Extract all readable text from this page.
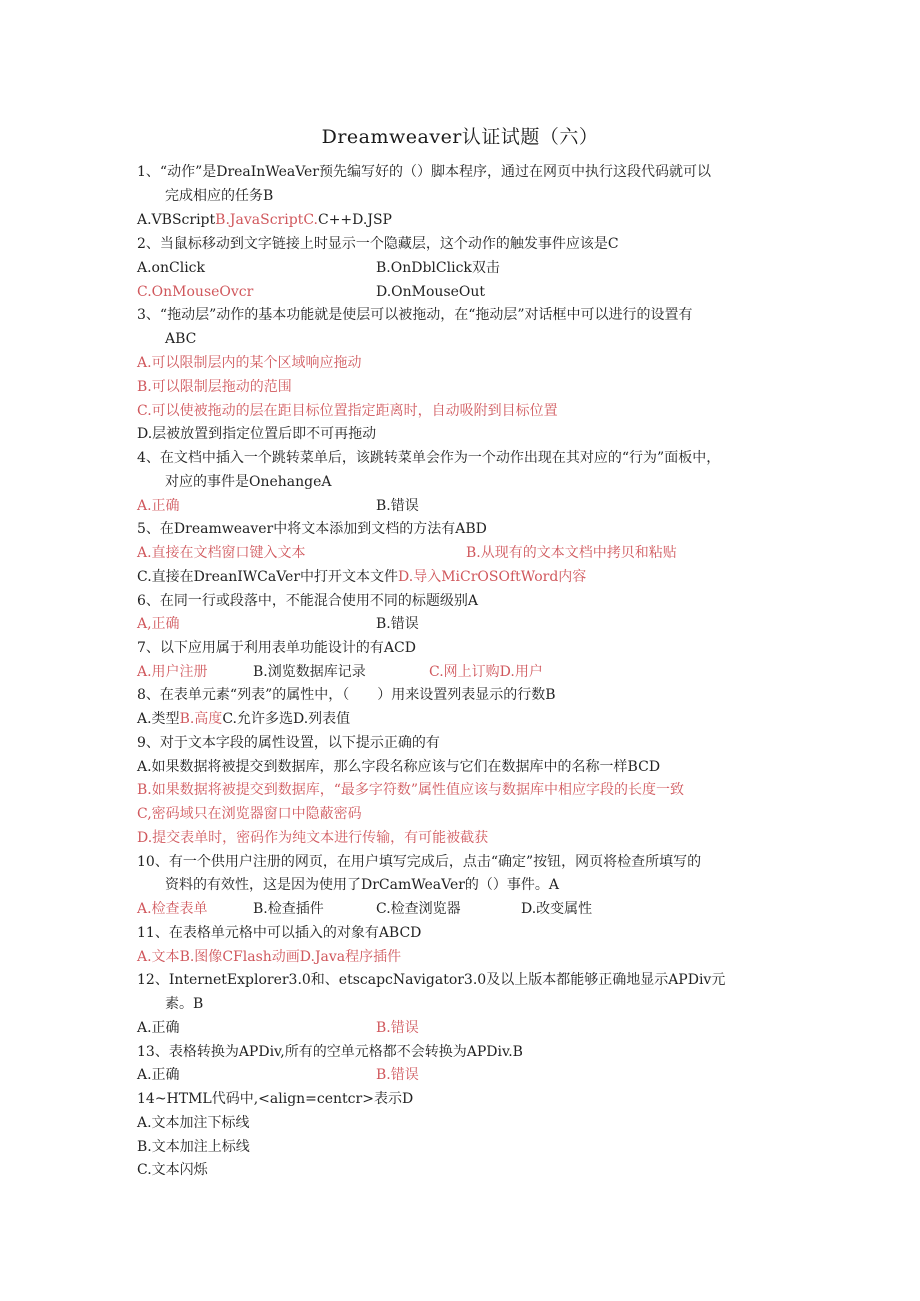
Dreamweaver认证试题（六）
1、“动作”是DreaInWeaVer预先编写好的（）脚本程序，通过在网页中执行这段代码就可以
完成相应的任务B
A.VBScriptB.JavaScriptC.C++D.JSP
2、当鼠标移动到文字链接上时显示一个隐藏层，这个动作的触发事件应该是C
A.onClick	B.OnDblClick双击
C.OnMouseOvcr	D.OnMouseOut
3、“拖动层”动作的基本功能就是使层可以被拖动，在“拖动层”对话框中可以进行的设置有
ABC
A.可以限制层内的某个区域响应拖动
B.可以限制层拖动的范围
C.可以使被拖动的层在距目标位置指定距离时，自动吸附到目标位置
D.层被放置到指定位置后即不可再拖动
4、在文档中插入一个跳转菜单后，该跳转菜单会作为一个动作出现在其对应的“行为”面板中，
对应的事件是OnehangeA
A.正确	B.错误
5、在Dreamweaver中将文本添加到文档的方法有ABD
A.直接在文档窗口键入文本	B.从现有的文本文档中拷贝和粘贴
C.直接在DreanIWCaVer中打开文本文件D.导入MiCrOSOftWord内容
6、在同一行或段落中，不能混合使用不同的标题级别A
A,正确	B.错误
7、以下应用属于利用表单功能设计的有ACD
A.用户注册	B.浏览数据库记录	C.网上订购D.用户
8、在表单元素“列表”的属性中，（　　）用来设置列表显示的行数B
A.类型B.高度C.允许多选D.列表值
9、对于文本字段的属性设置，以下提示正确的有
A.如果数据将被提交到数据库，那么字段名称应该与它们在数据库中的名称一样BCD
B.如果数据将被提交到数据库，“最多字符数”属性值应该与数据库中相应字段的长度一致
C,密码域只在浏览器窗口中隐蔽密码
D.提交表单时，密码作为纯文本进行传输，有可能被截获
10、有一个供用户注册的网页，在用户填写完成后，点击“确定”按钮，网页将检查所填写的
资料的有效性，这是因为使用了DrCamWeaVer的（）事件。A
A.检查表单	B.检查插件	C.检查浏览器	D.改变属性
11、在表格单元格中可以插入的对象有ABCD
A.文本B.图像CFlash动画D.Java程序插件
12、InternetExplorer3.0和、etscapcNavigator3.0及以上版本都能够正确地显示APDiv元
素。B
A.正确	B.错误
13、表格转换为APDiv,所有的空单元格都不会转换为APDiv.B
A.正确	B.错误
14~HTML代码中,<align=centcr>表示D
A.文本加注下标线
B.文本加注上标线
C.文本闪烁
